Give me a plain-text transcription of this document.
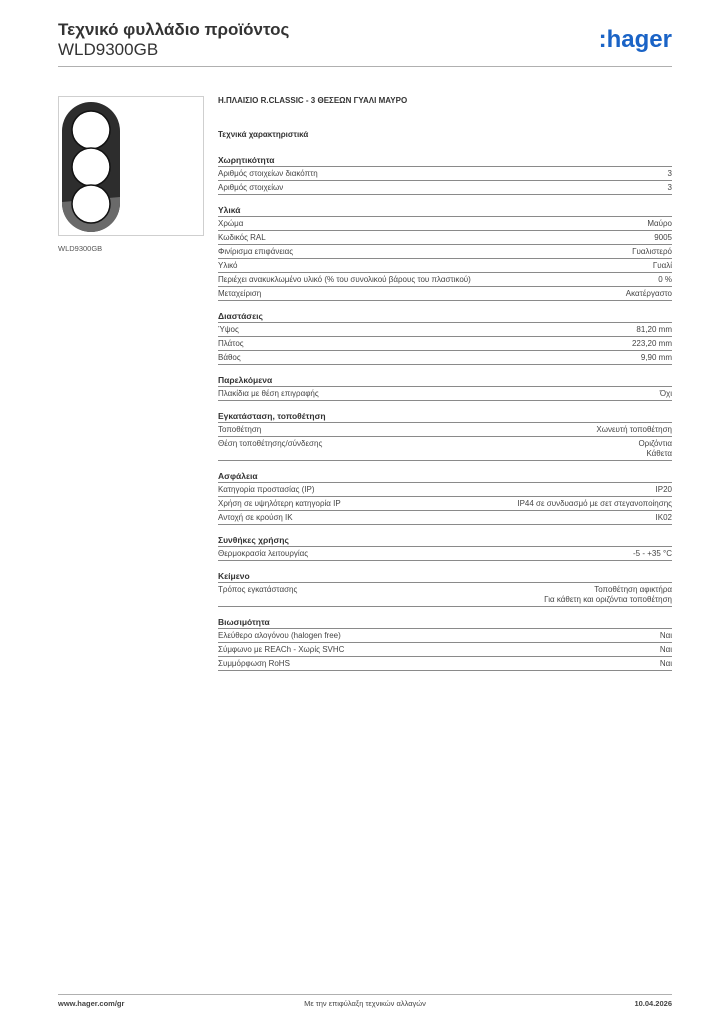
Τεχνικό φυλλάδιο προϊόντος

WLD9300GB	:hager
WLD9300GB

Η.ΠΛΑΙΣΙΟ R.CLASSIC - 3 ΘΕΣΕΩΝ ΓΥΑΛΙ ΜΑΥΡΟ

Τεχνικά χαρακτηριστικά

Χωρητικότητα
Αριθμός στοιχείων διακόπτη	3
Αριθμός στοιχείων	3
Υλικά
Χρώμα	Μαύρο
Κωδικός RAL	9005
Φινίρισμα επιφάνειας	Γυαλιστερό
Υλικό	Γυαλί
Περιέχει ανακυκλωμένο υλικό (% του συνολικού βάρους του πλαστικού)	0 %
Μεταχείριση	Ακατέργαστο
Διαστάσεις
Ύψος	81,20 mm
Πλάτος	223,20 mm
Βάθος	9,90 mm
Παρελκόμενα
Πλακίδια με θέση επιγραφής	Όχι
Εγκατάσταση, τοποθέτηση
Τοποθέτηση	Χωνευτή τοποθέτηση
Θέση τοποθέτησης/σύνδεσης	Οριζόντια
Κάθετα
Ασφάλεια
Κατηγορία προστασίας (IP)	IP20
Χρήση σε υψηλότερη κατηγορία IP	IP44 σε συνδυασμό με σετ στεγανοποίησης
Αντοχή σε κρούση IK	IK02
Συνθήκες χρήσης
Θερμοκρασία λειτουργίας	-5 - +35 °C
Κείμενο
Τρόπος εγκατάστασης	Τοποθέτηση αφικτήρα
Για κάθετη και οριζόντια τοποθέτηση
Βιωσιμότητα
Ελεύθερο αλογόνου (halogen free)	Ναι
Σύμφωνο με REACh - Χωρίς SVHC	Ναι
Συμμόρφωση RoHS	Ναι
Με την επιφύλαξη τεχνικών αλλαγών
www.hager.com/gr	10.04.2026
